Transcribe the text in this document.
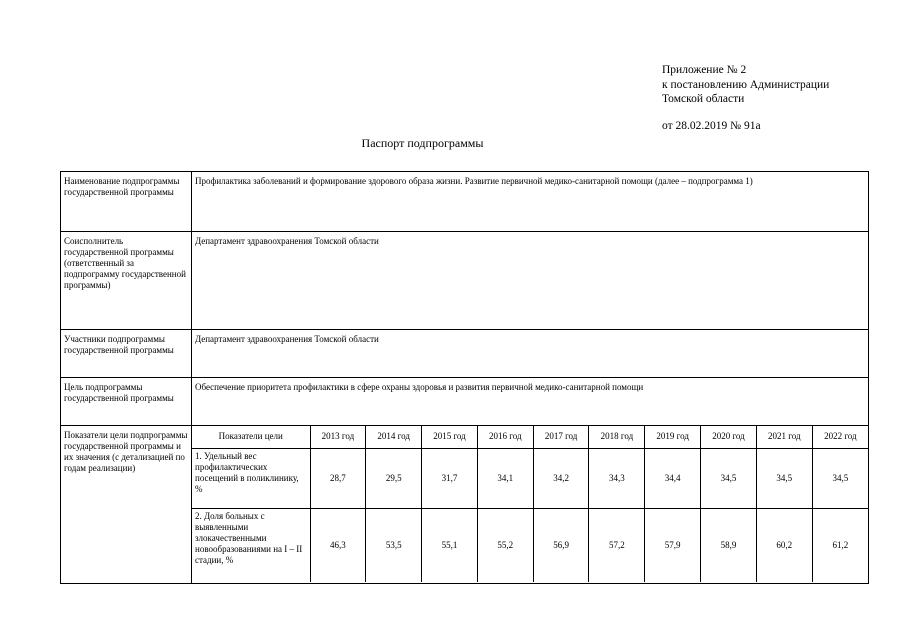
Приложение № 2
к постановлению Администрации
Томской области
от 28.02.2019 № 91а
Паспорт подпрограммы
Наименование подпрограммы государственной программы	Профилактика заболеваний и формирование здорового образа жизни. Развитие первичной медико-санитарной помощи (далее – подпрограмма 1)
Соисполнитель государственной программы (ответственный за подпрограмму государственной программы)	Департамент здравоохранения Томской области
Участники подпрограммы государственной программы	Департамент здравоохранения Томской области
Цель подпрограммы государственной программы	Обеспечение приоритета профилактики в сфере охраны здоровья и развития первичной медико-санитарной помощи
Показатели цели подпрограммы государственной программы и их значения (с детализацией по годам реализации)	
Показатели цели	2013 год	2014 год	2015 год	2016 год	2017 год	2018 год	2019 год	2020 год	2021 год	2022 год
1. Удельный вес профилактических посещений в поликлинику, %	28,7	29,5	31,7	34,1	34,2	34,3	34,4	34,5	34,5	34,5
2. Доля больных с выявленными злокачественными новообразованиями на I – II стадии, %	46,3	53,5	55,1	55,2	56,9	57,2	57,9	58,9	60,2	61,2
